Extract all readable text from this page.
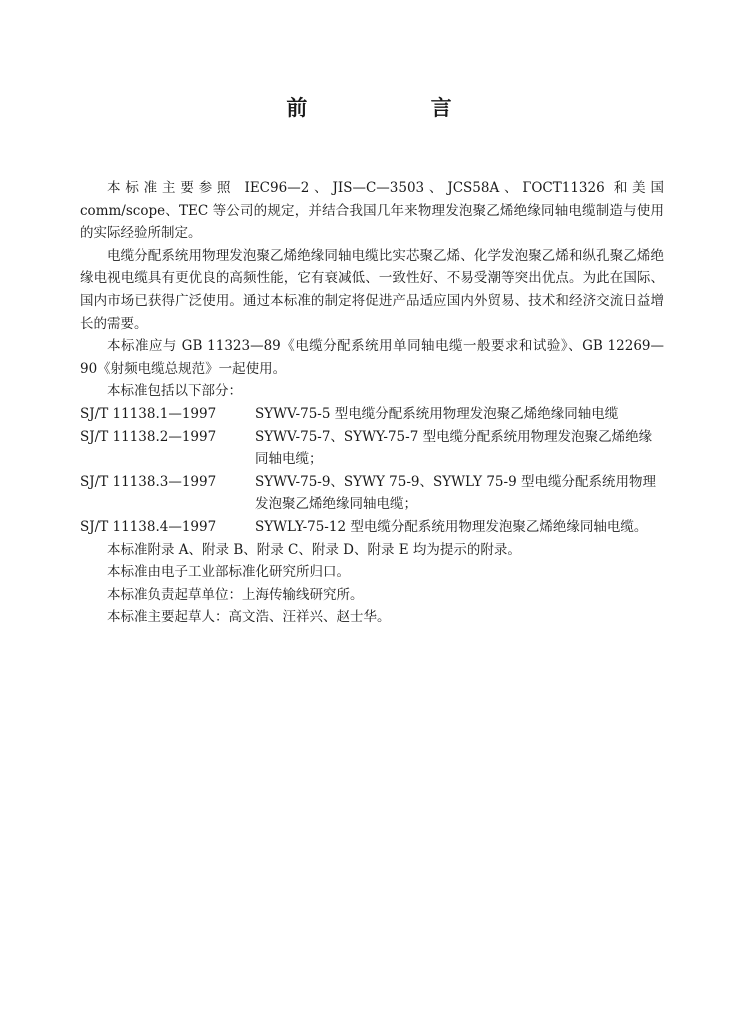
前 言

本标准主要参照 IEC96—2、JIS—C—3503、JCS58A、ГОСТ11326 和美国 comm/scope、TEC 等公司的规定，并结合我国几年来物理发泡聚乙烯绝缘同轴电缆制造与使用的实际经验所制定。

电缆分配系统用物理发泡聚乙烯绝缘同轴电缆比实芯聚乙烯、化学发泡聚乙烯和纵孔聚乙烯绝缘电视电缆具有更优良的高频性能，它有衰减低、一致性好、不易受潮等突出优点。为此在国际、国内市场已获得广泛使用。通过本标准的制定将促进产品适应国内外贸易、技术和经济交流日益增长的需要。

本标准应与 GB 11323—89《电缆分配系统用单同轴电缆一般要求和试验》、GB 12269—90《射频电缆总规范》一起使用。

本标准包括以下部分：

SJ/T 11138.1—1997	SYWV-75-5 型电缆分配系统用物理发泡聚乙烯绝缘同轴电缆
SJ/T 11138.2—1997	SYWV-75-7、SYWY-75-7 型电缆分配系统用物理发泡聚乙烯绝缘同轴电缆；
SJ/T 11138.3—1997	SYWV-75-9、SYWY 75-9、SYWLY 75-9 型电缆分配系统用物理发泡聚乙烯绝缘同轴电缆；
SJ/T 11138.4—1997	SYWLY-75-12 型电缆分配系统用物理发泡聚乙烯绝缘同轴电缆。

本标准附录 A、附录 B、附录 C、附录 D、附录 E 均为提示的附录。

本标准由电子工业部标准化研究所归口。

本标准负责起草单位：上海传输线研究所。

本标准主要起草人：高文浩、汪祥兴、赵士华。
